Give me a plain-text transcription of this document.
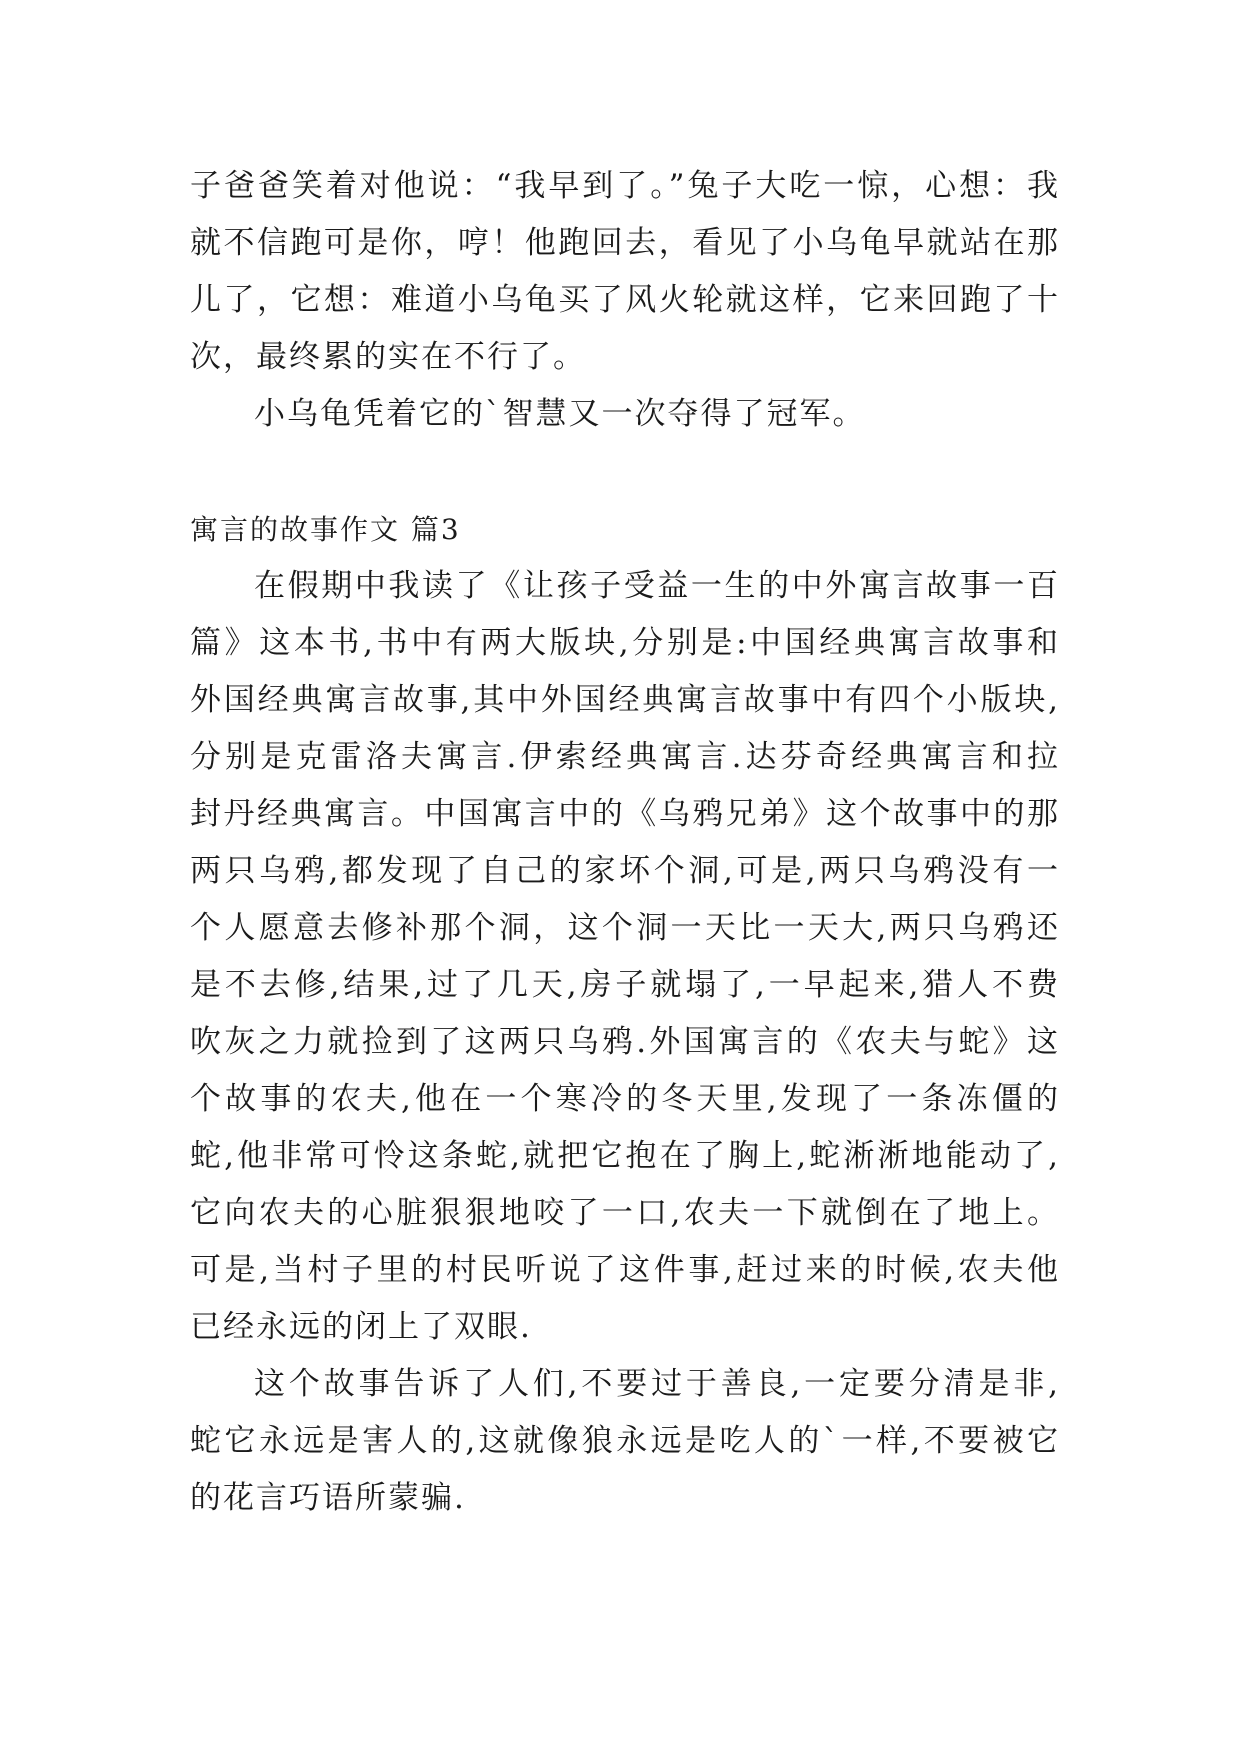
子爸爸笑着对他说：“我早到了。”兔子大吃一惊，心想：我

就不信跑可是你，哼！他跑回去，看见了小乌龟早就站在那

儿了，它想：难道小乌龟买了风火轮就这样，它来回跑了十

次，最终累的实在不行了。

小乌龟凭着它的`智慧又一次夺得了冠军。

寓言的故事作文 篇3

在假期中我读了《让孩子受益一生的中外寓言故事一百

篇》这本书,书中有两大版块,分别是:中国经典寓言故事和

外国经典寓言故事,其中外国经典寓言故事中有四个小版块,

分别是克雷洛夫寓言.伊索经典寓言.达芬奇经典寓言和拉

封丹经典寓言。中国寓言中的《乌鸦兄弟》这个故事中的那

两只乌鸦,都发现了自己的家坏个洞,可是,两只乌鸦没有一

个人愿意去修补那个洞，这个洞一天比一天大,两只乌鸦还

是不去修,结果,过了几天,房子就塌了,一早起来,猎人不费

吹灰之力就捡到了这两只乌鸦.外国寓言的《农夫与蛇》这

个故事的农夫,他在一个寒冷的冬天里,发现了一条冻僵的

蛇,他非常可怜这条蛇,就把它抱在了胸上,蛇淅淅地能动了,

它向农夫的心脏狠狠地咬了一口,农夫一下就倒在了地上。

可是,当村子里的村民听说了这件事,赶过来的时候,农夫他

已经永远的闭上了双眼.

这个故事告诉了人们,不要过于善良,一定要分清是非,

蛇它永远是害人的,这就像狼永远是吃人的`一样,不要被它

的花言巧语所蒙骗.
